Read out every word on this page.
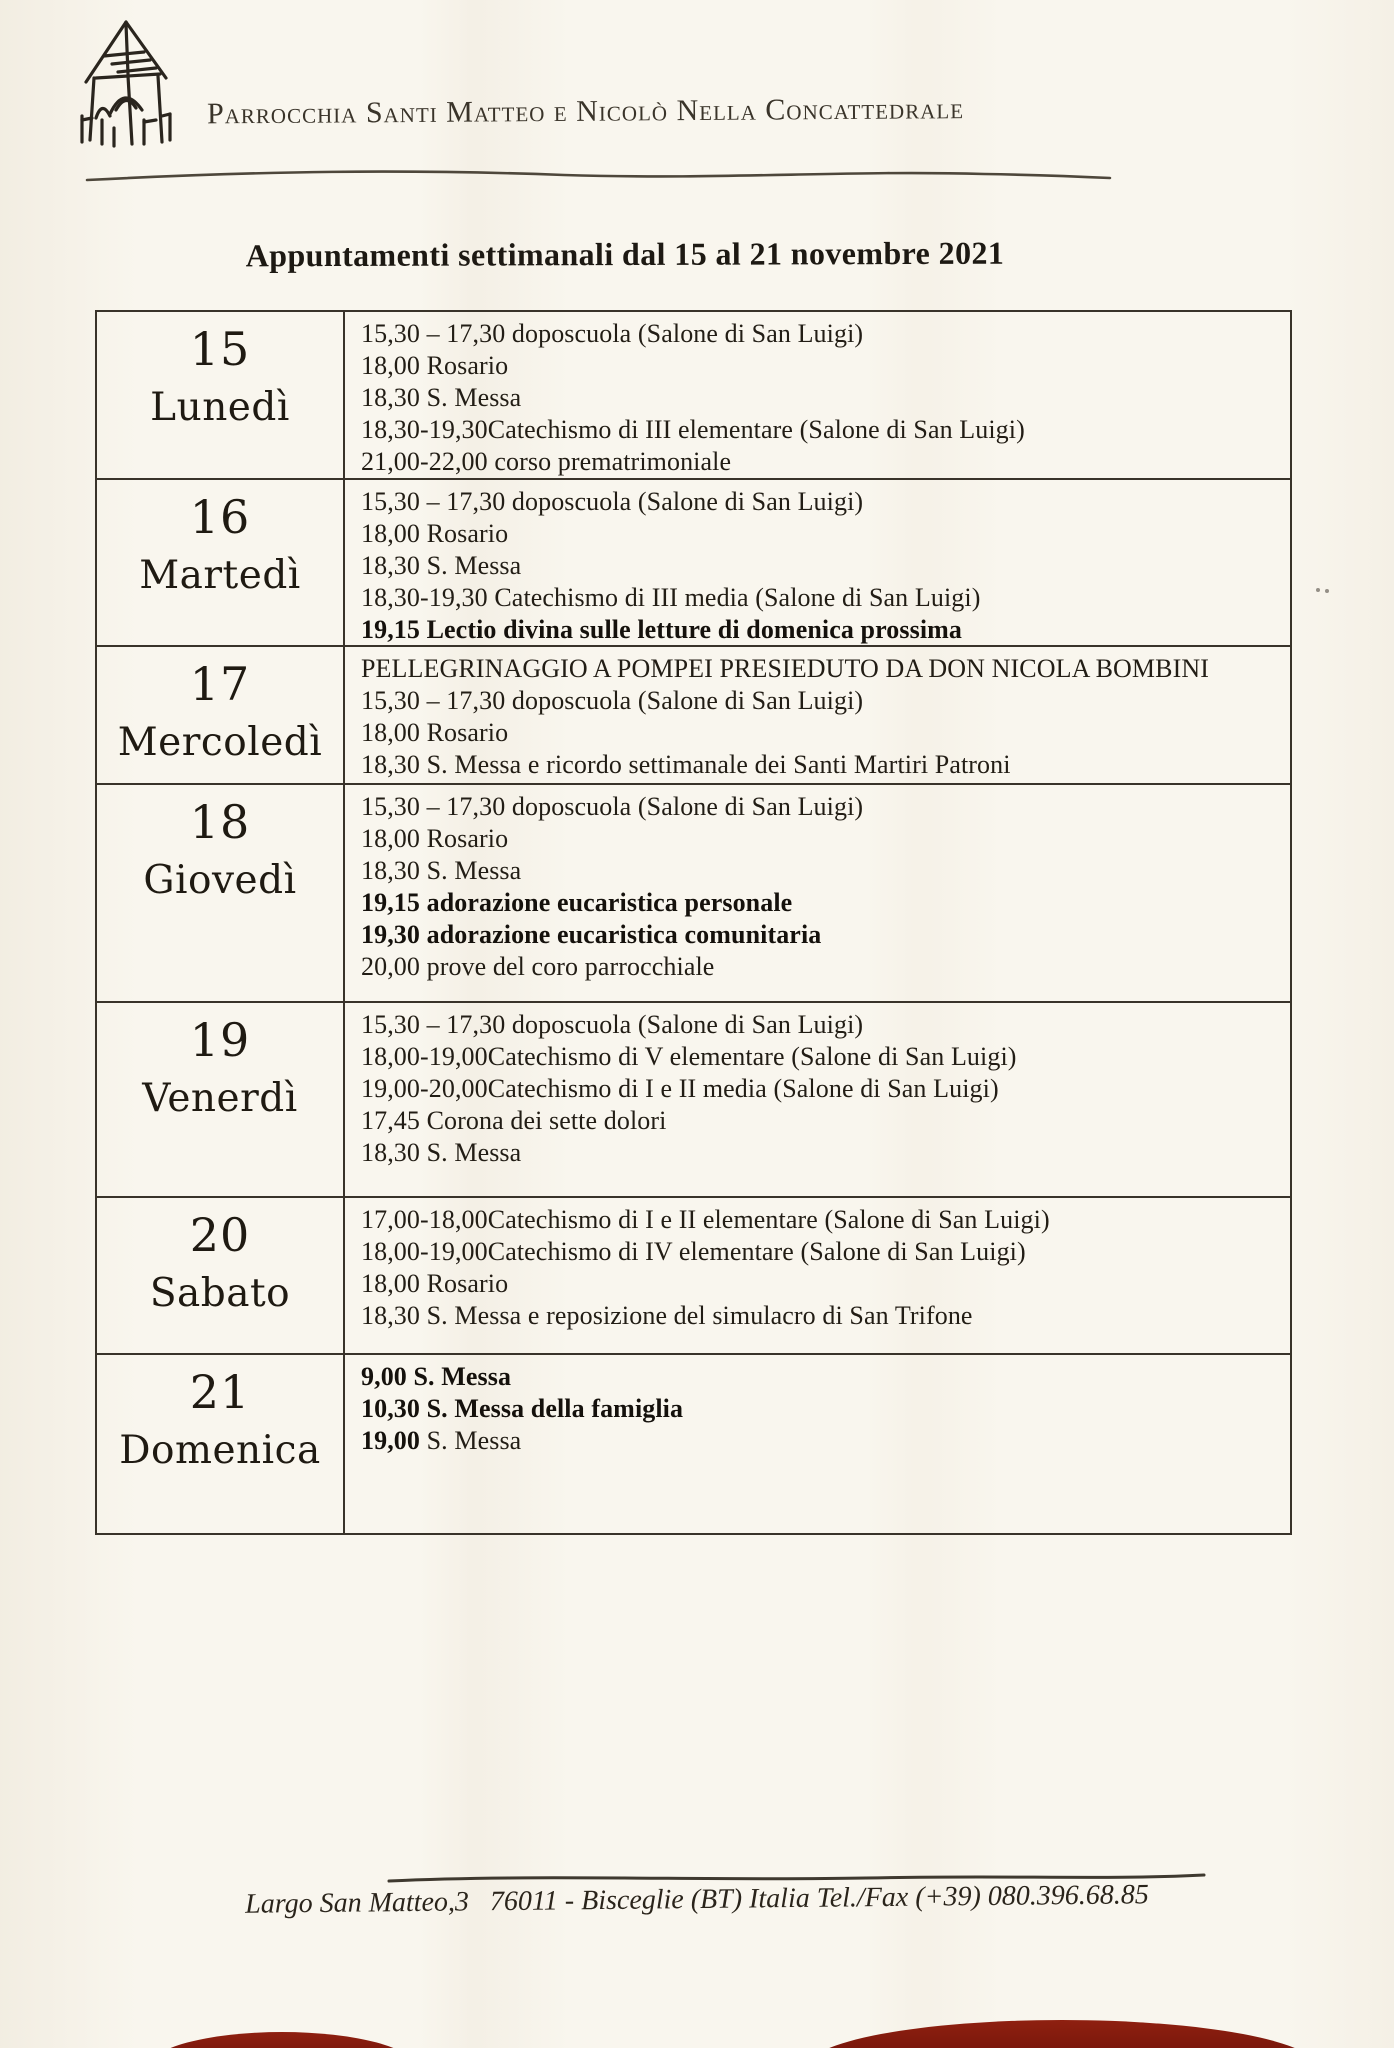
Parrocchia Santi Matteo e Nicolò Nella Concattedrale
Appuntamenti settimanali dal 15 al 21 novembre 2021
15
Lunedì
15,30 – 17,30 doposcuola (Salone di San Luigi)
18,00 Rosario
18,30 S. Messa
18,30-19,30Catechismo di III elementare (Salone di San Luigi)
21,00-22,00 corso prematrimoniale
16
Martedì
15,30 – 17,30 doposcuola (Salone di San Luigi)
18,00 Rosario
18,30 S. Messa
18,30-19,30 Catechismo di III media (Salone di San Luigi)
19,15 Lectio divina sulle letture di domenica prossima
17
Mercoledì
PELLEGRINAGGIO A POMPEI PRESIEDUTO DA DON NICOLA BOMBINI
15,30 – 17,30 doposcuola (Salone di San Luigi)
18,00 Rosario
18,30 S. Messa e ricordo settimanale dei Santi Martiri Patroni
18
Giovedì
15,30 – 17,30 doposcuola (Salone di San Luigi)
18,00 Rosario
18,30 S. Messa
19,15 adorazione eucaristica personale
19,30 adorazione eucaristica comunitaria
20,00 prove del coro parrocchiale
19
Venerdì
15,30 – 17,30 doposcuola (Salone di San Luigi)
18,00-19,00Catechismo di V elementare (Salone di San Luigi)
19,00-20,00Catechismo di I e II media (Salone di San Luigi)
17,45 Corona dei sette dolori
18,30 S. Messa
20
Sabato
17,00-18,00Catechismo di I e II elementare (Salone di San Luigi)
18,00-19,00Catechismo di IV elementare (Salone di San Luigi)
18,00 Rosario
18,30 S. Messa e reposizione del simulacro di San Trifone
21
Domenica
9,00 S. Messa
10,30 S. Messa della famiglia
19,00 S. Messa
Largo San Matteo,3   76011 - Bisceglie (BT) Italia Tel./Fax (+39) 080.396.68.85
